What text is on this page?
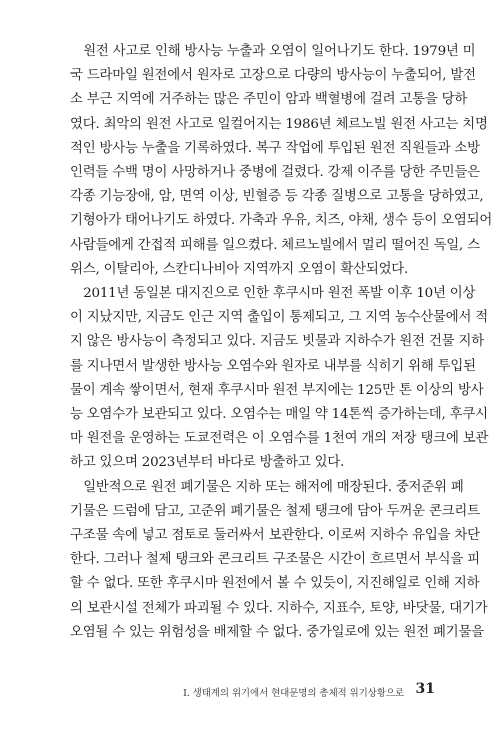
　원전 사고로 인해 방사능 누출과 오염이 일어나기도 한다. 1979년 미
국 드라마일 원전에서 원자로 고장으로 다량의 방사능이 누출되어, 발전
소 부근 지역에 거주하는 많은 주민이 암과 백혈병에 걸려 고통을 당하
였다. 최악의 원전 사고로 일컬어지는 1986년 체르노빌 원전 사고는 치명
적인 방사능 누출을 기록하였다. 복구 작업에 투입된 원전 직원들과 소방
인력들 수백 명이 사망하거나 중병에 걸렸다. 강제 이주를 당한 주민들은
각종 기능장애, 암, 면역 이상, 빈혈증 등 각종 질병으로 고통을 당하였고,
기형아가 태어나기도 하였다. 가축과 우유, 치즈, 야채, 생수 등이 오염되어
사람들에게 간접적 피해를 일으켰다. 체르노빌에서 멀리 떨어진 독일, 스
위스, 이탈리아, 스칸디나비아 지역까지 오염이 확산되었다.

　2011년 동일본 대지진으로 인한 후쿠시마 원전 폭발 이후 10년 이상
이 지났지만, 지금도 인근 지역 출입이 통제되고, 그 지역 농수산물에서 적
지 않은 방사능이 측정되고 있다. 지금도 빗물과 지하수가 원전 건물 지하
를 지나면서 발생한 방사능 오염수와 원자로 내부를 식히기 위해 투입된
물이 계속 쌓이면서, 현재 후쿠시마 원전 부지에는 125만 톤 이상의 방사
능 오염수가 보관되고 있다. 오염수는 매일 약 14톤씩 증가하는데, 후쿠시
마 원전을 운영하는 도쿄전력은 이 오염수를 1천여 개의 저장 탱크에 보관
하고 있으며 2023년부터 바다로 방출하고 있다.

　일반적으로 원전 폐기물은 지하 또는 해저에 매장된다. 중저준위 폐
기물은 드럼에 담고, 고준위 폐기물은 철제 탱크에 담아 두꺼운 콘크리트
구조물 속에 넣고 점토로 둘러싸서 보관한다. 이로써 지하수 유입을 차단
한다. 그러나 철제 탱크와 콘크리트 구조물은 시간이 흐르면서 부식을 피
할 수 없다. 또한 후쿠시마 원전에서 볼 수 있듯이, 지진해일로 인해 지하
의 보관시설 전체가 파괴될 수 있다. 지하수, 지표수, 토양, 바닷물, 대기가
오염될 수 있는 위험성을 배제할 수 없다. 중가일로에 있는 원전 폐기물을

I. 생태계의 위기에서 현대문명의 총체적 위기상황으로 31
